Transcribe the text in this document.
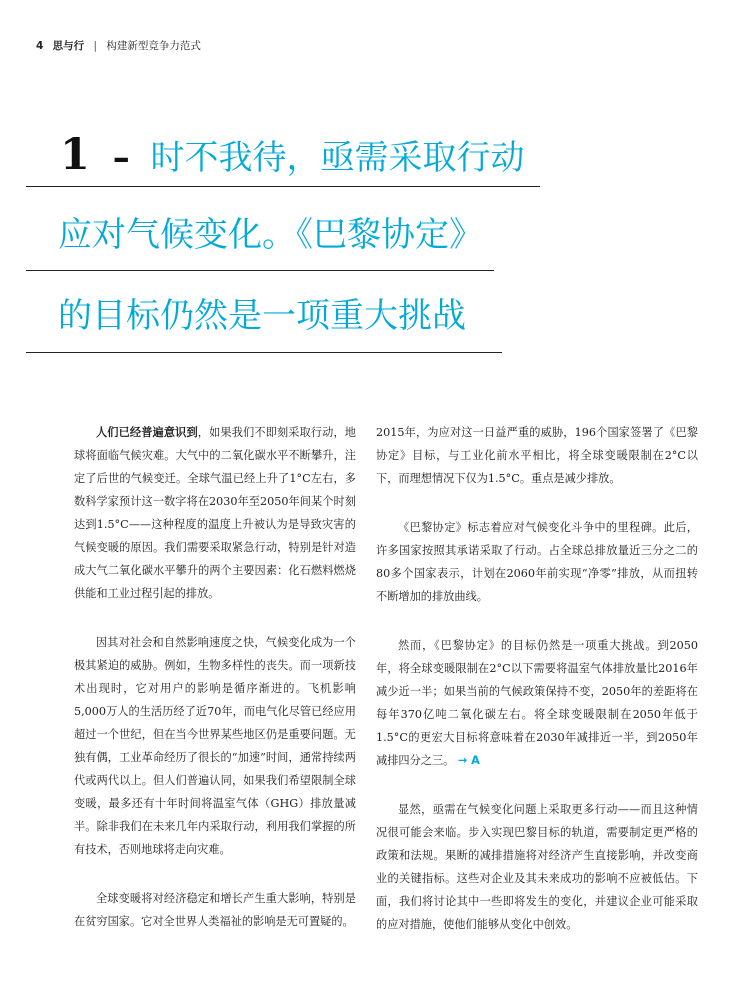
4 思与行 | 构建新型竞争力范式
1 – 时不我待，亟需采取行动
应对气候变化。《巴黎协定》
的目标仍然是一项重大挑战

人们已经普遍意识到，如果我们不即刻采取行动，地球将面临气候灾难。大气中的二氧化碳水平不断攀升，注定了后世的气候变迁。全球气温已经上升了1°C左右，多数科学家预计这一数字将在2030年至2050年间某个时刻达到1.5°C——这种程度的温度上升被认为是导致灾害的气候变暖的原因。我们需要采取紧急行动，特别是针对造成大气二氧化碳水平攀升的两个主要因素：化石燃料燃烧供能和工业过程引起的排放。

因其对社会和自然影响速度之快，气候变化成为一个极其紧迫的威胁。例如，生物多样性的丧失。而一项新技术出现时，它对用户的影响是循序渐进的。飞机影响5,000万人的生活历经了近70年，而电气化尽管已经应用超过一个世纪，但在当今世界某些地区仍是重要问题。无独有偶，工业革命经历了很长的“加速”时间，通常持续两代或两代以上。但人们普遍认同，如果我们希望限制全球变暖，最多还有十年时间将温室气体（GHG）排放量减半。除非我们在未来几年内采取行动，利用我们掌握的所有技术，否则地球将走向灾难。

全球变暖将对经济稳定和增长产生重大影响，特别是在贫穷国家。它对全世界人类福祉的影响是无可置疑的。

2015年，为应对这一日益严重的威胁，196个国家签署了《巴黎协定》目标，与工业化前水平相比，将全球变暖限制在2°C以下，而理想情况下仅为1.5°C。重点是减少排放。

《巴黎协定》标志着应对气候变化斗争中的里程碑。此后，许多国家按照其承诺采取了行动。占全球总排放量近三分之二的80多个国家表示，计划在2060年前实现“净零”排放，从而扭转不断增加的排放曲线。

然而，《巴黎协定》的目标仍然是一项重大挑战。到2050年，将全球变暖限制在2°C以下需要将温室气体排放量比2016年减少近一半；如果当前的气候政策保持不变，2050年的差距将在每年370亿吨二氧化碳左右。将全球变暖限制在2050年低于1.5°C的更宏大目标将意味着在2030年减排近一半，到2050年减排四分之三。 → A

显然，亟需在气候变化问题上采取更多行动——而且这种情况很可能会来临。步入实现巴黎目标的轨道，需要制定更严格的政策和法规。果断的减排措施将对经济产生直接影响，并改变商业的关键指标。这些对企业及其未来成功的影响不应被低估。下面，我们将讨论其中一些即将发生的变化，并建议企业可能采取的应对措施，使他们能够从变化中创效。
